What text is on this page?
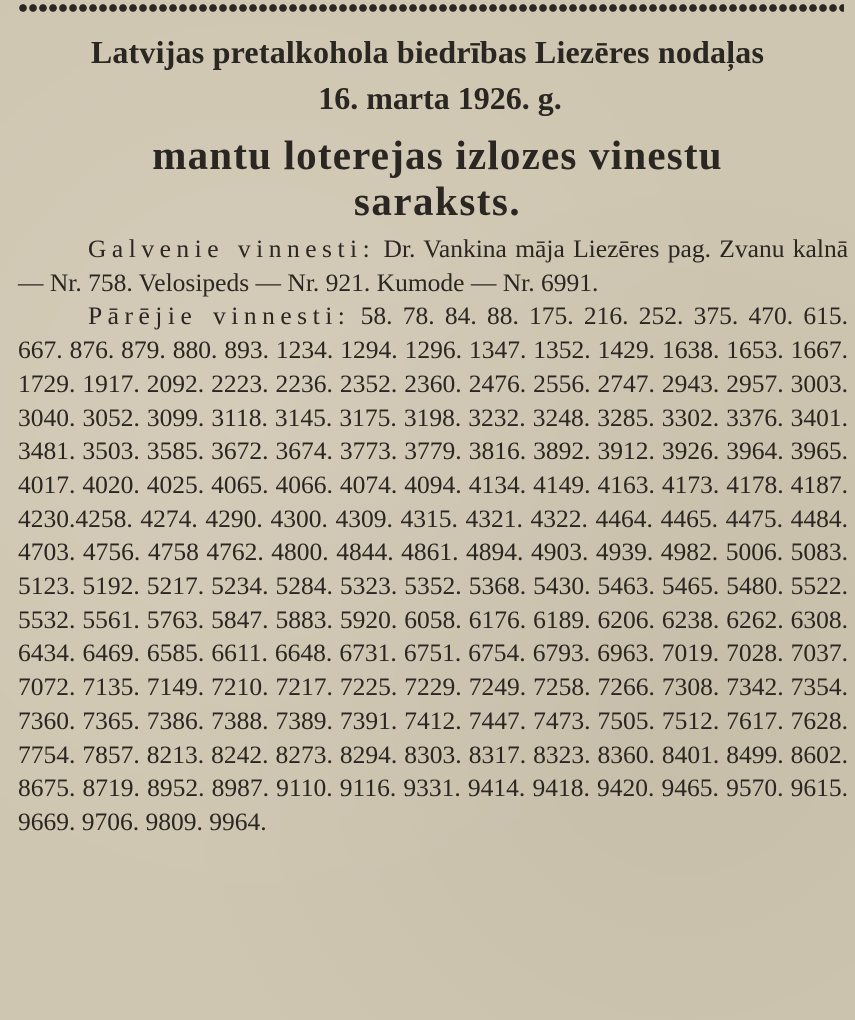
Latvijas pretalkohola biedrības Liezēres nodaļas
16. marta 1926. g.
mantu loterejas izlozes vinestu
saraksts.

Galvenie vinnesti: Dr. Vankina māja Liezēres pag. Zvanu kalnā — Nr. 758. Velosipeds — Nr. 921. Kumode — Nr. 6991.

Pārējie vinnesti: 58. 78. 84. 88. 175. 216. 252. 375. 470. 615. 667. 876. 879. 880. 893. 1234. 1294. 1296. 1347. 1352. 1429. 1638. 1653. 1667. 1729. 1917. 2092. 2223. 2236. 2352. 2360. 2476. 2556. 2747. 2943. 2957. 3003. 3040. 3052. 3099. 3118. 3145. 3175. 3198. 3232. 3248. 3285. 3302. 3376. 3401. 3481. 3503. 3585. 3672. 3674. 3773. 3779. 3816. 3892. 3912. 3926. 3964. 3965. 4017. 4020. 4025. 4065. 4066. 4074. 4094. 4134. 4149. 4163. 4173. 4178. 4187. 4230.4258. 4274. 4290. 4300. 4309. 4315. 4321. 4322. 4464. 4465. 4475. 4484. 4703. 4756. 4758 4762. 4800. 4844. 4861. 4894. 4903. 4939. 4982. 5006. 5083. 5123. 5192. 5217. 5234. 5284. 5323. 5352. 5368. 5430. 5463. 5465. 5480. 5522. 5532. 5561. 5763. 5847. 5883. 5920. 6058. 6176. 6189. 6206. 6238. 6262. 6308. 6434. 6469. 6585. 6611. 6648. 6731. 6751. 6754. 6793. 6963. 7019. 7028. 7037. 7072. 7135. 7149. 7210. 7217. 7225. 7229. 7249. 7258. 7266. 7308. 7342. 7354. 7360. 7365. 7386. 7388. 7389. 7391. 7412. 7447. 7473. 7505. 7512. 7617. 7628. 7754. 7857. 8213. 8242. 8273. 8294. 8303. 8317. 8323. 8360. 8401. 8499. 8602. 8675. 8719. 8952. 8987. 9110. 9116. 9331. 9414. 9418. 9420. 9465. 9570. 9615. 9669. 9706. 9809. 9964.
